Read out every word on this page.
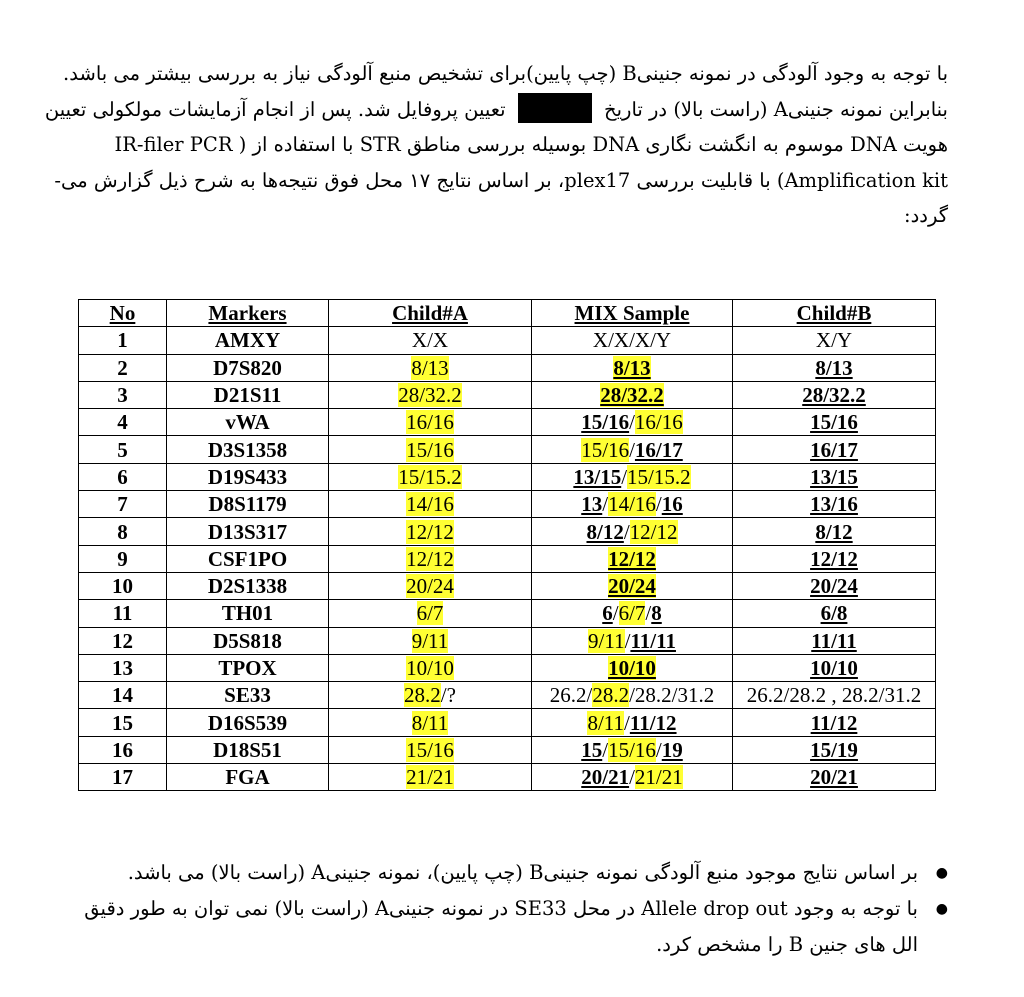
با توجه به وجود آلودگی در نمونه جنینیB (چپ پایین)برای تشخیص منبع آلودگی نیاز به بررسی بیشتر می باشد.

بنابراین نمونه جنینیA (راست بالا) در تاریخ  تعیین پروفایل شد. پس از انجام آزمایشات مولکولی تعیین

هویت DNA موسوم به انگشت نگاری DNA بوسیله بررسی مناطق STR با استفاده از ( IR-filer PCR

Amplification kit) با قابلیت بررسی plex17، بر اساس نتایج ۱۷ محل فوق نتیجه‌ها به شرح ذیل گزارش می-

گردد:

No	Markers	Child#A	MIX Sample	Child#B
1	AMXY	X/X	X/X/X/Y	X/Y
2	D7S820	8/13	8/13	8/13
3	D21S11	28/32.2	28/32.2	28/32.2
4	vWA	16/16	15/16/16/16	15/16
5	D3S1358	15/16	15/16/16/17	16/17
6	D19S433	15/15.2	13/15/15/15.2	13/15
7	D8S1179	14/16	13/14/16/16	13/16
8	D13S317	12/12	8/12/12/12	8/12
9	CSF1PO	12/12	12/12	12/12
10	D2S1338	20/24	20/24	20/24
11	TH01	6/7	6/6/7/8	6/8
12	D5S818	9/11	9/11/11/11	11/11
13	TPOX	10/10	10/10	10/10
14	SE33	28.2/?	26.2/28.2/28.2/31.2	26.2/28.2 , 28.2/31.2
15	D16S539	8/11	8/11/11/12	11/12
16	D18S51	15/16	15/15/16/19	15/19
17	FGA	21/21	20/21/21/21	20/21
● بر اساس نتایج موجود منبع آلودگی نمونه جنینیB (چپ پایین)، نمونه جنینیA (راست بالا) می باشد.
● با توجه به وجود Allele drop out در محل SE33 در نمونه جنینیA (راست بالا) نمی توان به طور دقیق الل های جنین B را مشخص کرد.
